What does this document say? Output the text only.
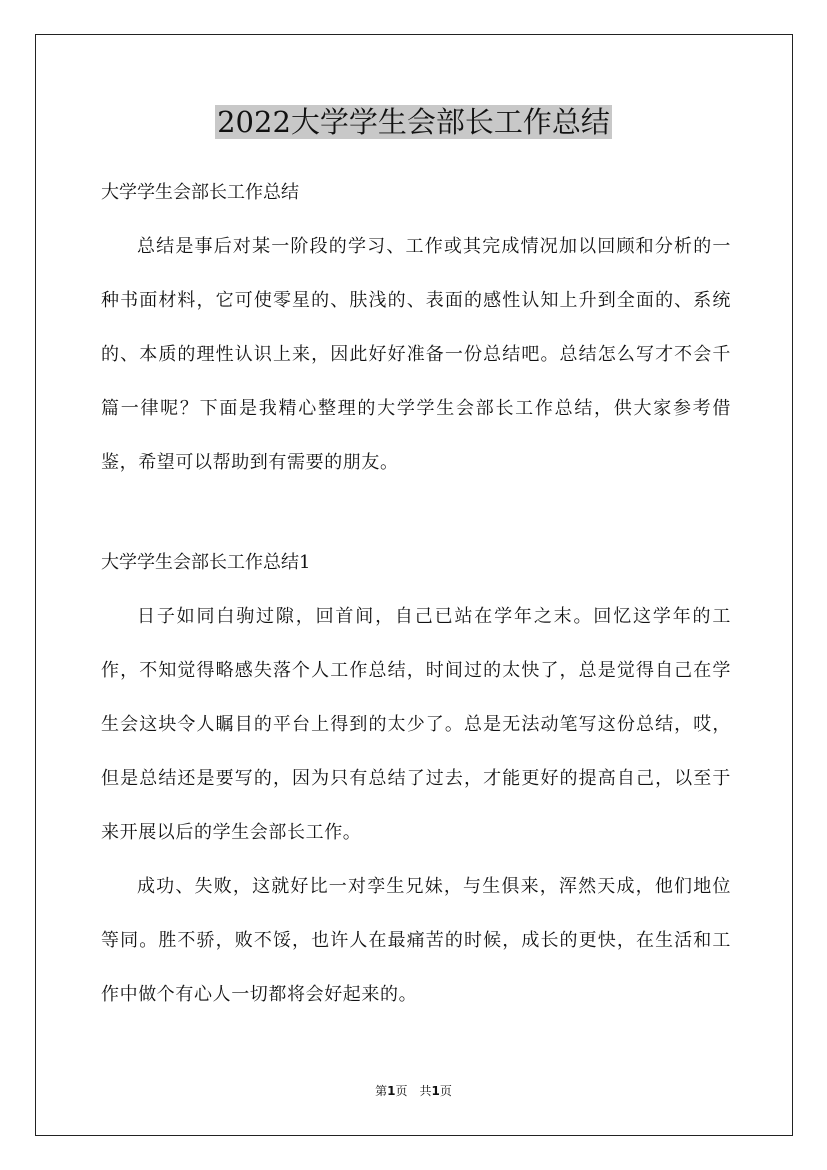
2022大学学生会部长工作总结

大学学生会部长工作总结

总结是事后对某一阶段的学习、工作或其完成情况加以回顾和分析的一种书面材料，它可使零星的、肤浅的、表面的感性认知上升到全面的、系统的、本质的理性认识上来，因此好好准备一份总结吧。总结怎么写才不会千篇一律呢？下面是我精心整理的大学学生会部长工作总结，供大家参考借鉴，希望可以帮助到有需要的朋友。

大学学生会部长工作总结1

日子如同白驹过隙，回首间，自己已站在学年之末。回忆这学年的工作，不知觉得略感失落个人工作总结，时间过的太快了，总是觉得自己在学生会这块令人瞩目的平台上得到的太少了。总是无法动笔写这份总结，哎，但是总结还是要写的，因为只有总结了过去，才能更好的提高自己，以至于来开展以后的学生会部长工作。

成功、失败，这就好比一对孪生兄妹，与生俱来，浑然天成，他们地位等同。胜不骄，败不馁，也许人在最痛苦的时候，成长的更快，在生活和工作中做个有心人一切都将会好起来的。

第1页　共1页
